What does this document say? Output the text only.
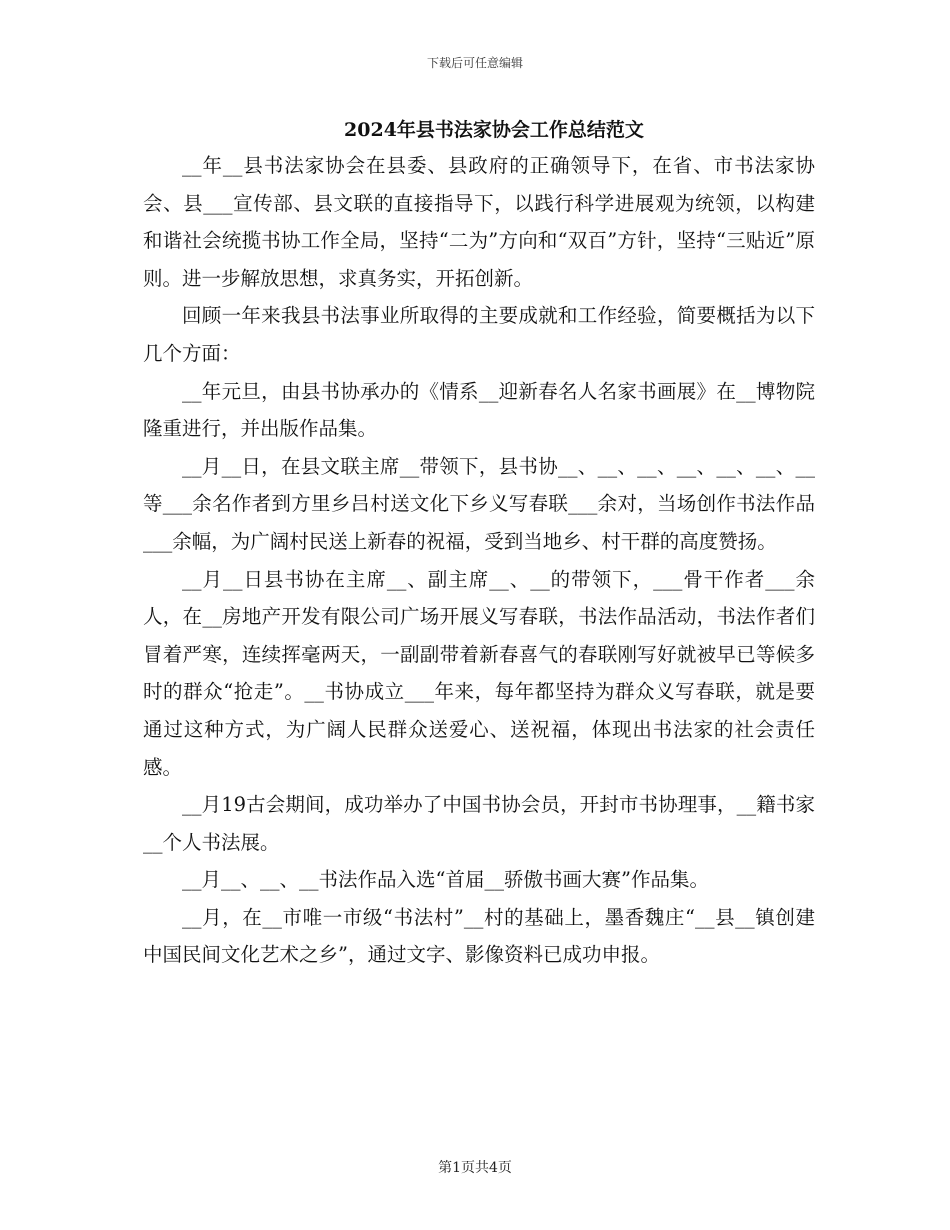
下载后可任意编辑
2024年县书法家协会工作总结范文

__年__县书法家协会在县委、县政府的正确领导下，在省、市书法家协会、县___宣传部、县文联的直接指导下，以践行科学进展观为统领，以构建和谐社会统揽书协工作全局，坚持“二为”方向和“双百”方针，坚持“三贴近”原则。进一步解放思想，求真务实，开拓创新。

回顾一年来我县书法事业所取得的主要成就和工作经验，简要概括为以下几个方面：

__年元旦，由县书协承办的《情系__迎新春名人名家书画展》在__博物院隆重进行，并出版作品集。

__月__日，在县文联主席__带领下，县书协__、__、__、__、__、__、__等___余名作者到方里乡吕村送文化下乡义写春联___余对，当场创作书法作品___余幅，为广阔村民送上新春的祝福，受到当地乡、村干群的高度赞扬。

__月__日县书协在主席__、副主席__、__的带领下，___骨干作者___余人，在__房地产开发有限公司广场开展义写春联，书法作品活动，书法作者们冒着严寒，连续挥毫两天，一副副带着新春喜气的春联刚写好就被早已等候多时的群众“抢走”。__书协成立___年来，每年都坚持为群众义写春联，就是要通过这种方式，为广阔人民群众送爱心、送祝福，体现出书法家的社会责任感。

__月19古会期间，成功举办了中国书协会员，开封市书协理事，__籍书家__个人书法展。

__月__、__、__书法作品入选“首届__骄傲书画大赛”作品集。

__月，在__市唯一市级“书法村”__村的基础上，墨香魏庄“__县__镇创建中国民间文化艺术之乡”，通过文字、影像资料已成功申报。

第1页共4页
